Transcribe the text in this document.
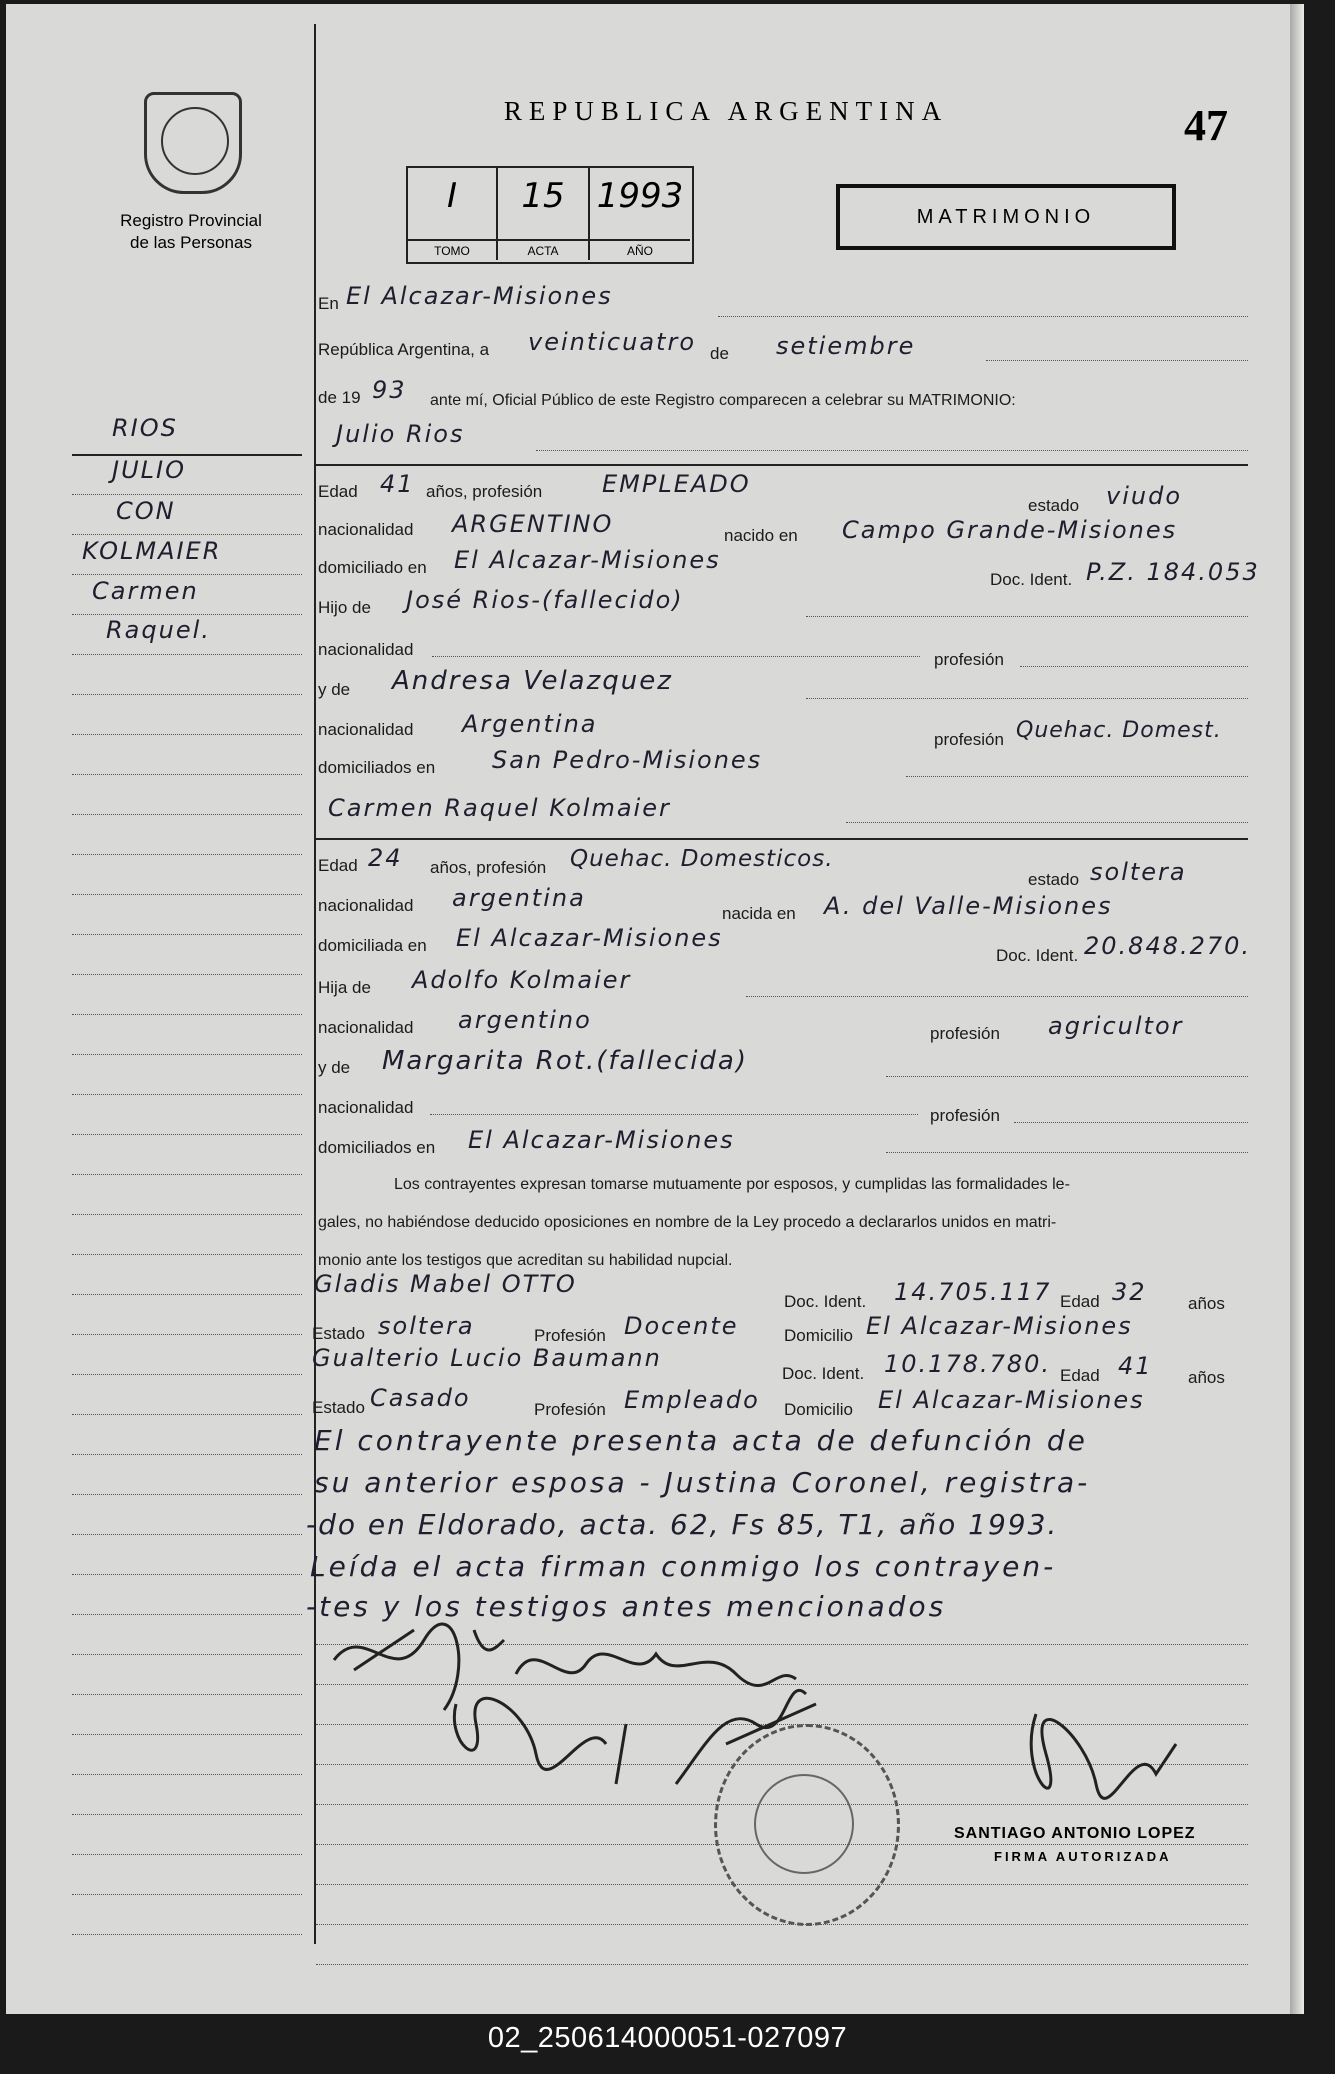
Registro Provincial
de las Personas
REPUBLICA ARGENTINA	47
I
TOMO
15
ACTA
1993
AÑO
MATRIMONIO
RIOS
JULIO
CON
KOLMAIER
Carmen
Raquel.
En El Alcazar-Misiones
República Argentina, a veinticuatro de setiembre
de 19 93 ante mí, Oficial Público de este Registro comparecen a celebrar su MATRIMONIO:
Julio Rios
Edad 41 años, profesión EMPLEADO
estado viudo
nacionalidad ARGENTINO	nacido en Campo Grande-Misiones
domiciliado en El Alcazar-Misiones
Doc. Ident. P.Z. 184.053
Hijo de José Rios-(fallecido)
nacionalidad
profesión
y de Andresa Velazquez
nacionalidad Argentina
profesión Quehac. Domest.
domiciliados en San Pedro-Misiones
Carmen Raquel Kolmaier
Edad 24 años, profesión Quehac. Domesticos.
estado soltera
nacionalidad argentina
nacida en A. del Valle-Misiones
domiciliada en El Alcazar-Misiones
Doc. Ident. 20.848.270.
Hija de Adolfo Kolmaier
nacionalidad argentino	profesión agricultor
y de Margarita Rot.(fallecida)
nacionalidad	profesión
domiciliados en El Alcazar-Misiones
Los contrayentes expresan tomarse mutuamente por esposos, y cumplidas las formalidades le-
gales, no habiéndose deducido oposiciones en nombre de la Ley procedo a declararlos unidos en matri-
monio ante los testigos que acreditan su habilidad nupcial.
Gladis Mabel OTTO
Doc. Ident. 14.705.117 Edad 32 años
Estado soltera	Profesión Docente	Domicilio El Alcazar-Misiones
Gualterio Lucio Baumann
Doc. Ident. 10.178.780. Edad 41 años
Estado Casado	Profesión Empleado Domicilio El Alcazar-Misiones
El contrayente presenta acta de defunción de
su anterior esposa - Justina Coronel, registra-
-do en Eldorado, acta. 62, Fs 85, T1, año 1993.
Leída el acta firman conmigo los contrayen-
-tes y los testigos antes mencionados
SANTIAGO ANTONIO LOPEZ
FIRMA AUTORIZADA
02_250614000051-027097
